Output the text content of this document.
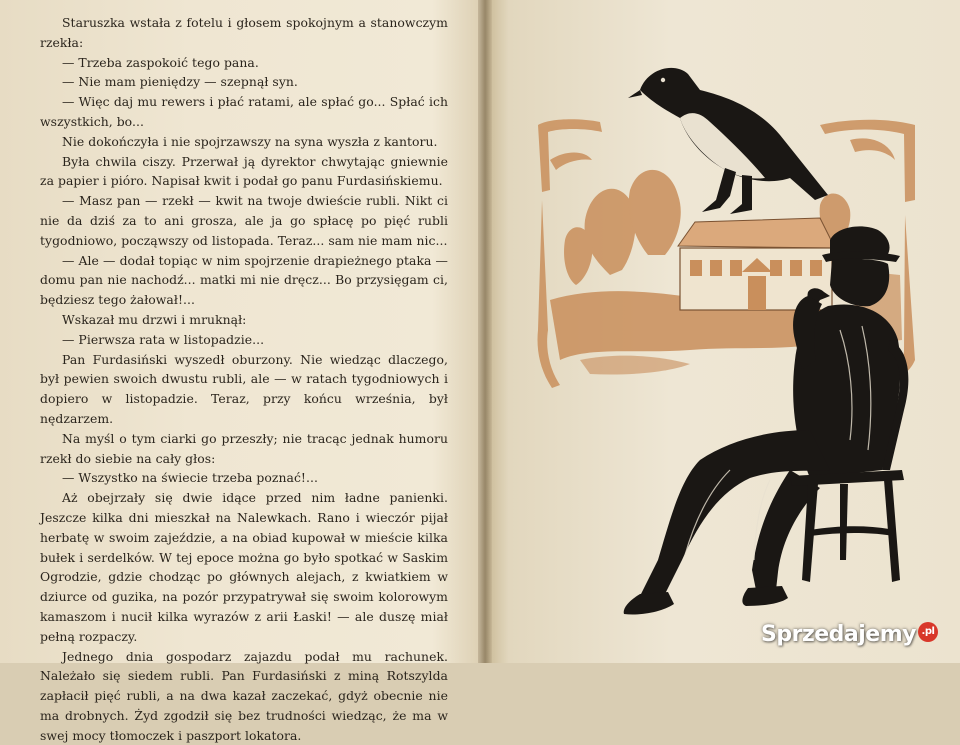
Staruszka wstała z fotelu i głosem spokojnym a stanowczym rzekła:

— Trzeba zaspokoić tego pana.

— Nie mam pieniędzy — szepnął syn.

— Więc daj mu rewers i płać ratami, ale spłać go... Spłać ich wszystkich, bo...

Nie dokończyła i nie spojrzawszy na syna wyszła z kantoru.

Była chwila ciszy. Przerwał ją dyrektor chwytając gniewnie za papier i pióro. Napisał kwit i podał go panu Furdasińskiemu.

— Masz pan — rzekł — kwit na twoje dwieście rubli. Nikt ci nie da dziś za to ani grosza, ale ja go spłacę po pięć rubli tygodniowo, począwszy od listopada. Teraz... sam nie mam nic...

— Ale — dodał topiąc w nim spojrzenie drapieżnego ptaka — domu pan nie nachodź... matki mi nie dręcz... Bo przysięgam ci, będziesz tego żałował!...

Wskazał mu drzwi i mruknął:

— Pierwsza rata w listopadzie...

Pan Furdasiński wyszedł oburzony. Nie wiedząc dlaczego, był pewien swoich dwustu rubli, ale — w ratach tygodniowych i dopiero w listopadzie. Teraz, przy końcu września, był nędzarzem.

Na myśl o tym ciarki go przeszły; nie tracąc jednak humoru rzekł do siebie na cały głos:

— Wszystko na świecie trzeba poznać!...

Aż obejrzały się dwie idące przed nim ładne panienki. Jeszcze kilka dni mieszkał na Nalewkach. Rano i wieczór pijał herbatę w swoim zajeździe, a na obiad kupował w mieście kilka bułek i serdelków. W tej epoce można go było spotkać w Saskim Ogrodzie, gdzie chodząc po głównych alejach, z kwiatkiem w dziurce od guzika, na pozór przypatrywał się swoim kolorowym kamaszom i nucił kilka wyrazów z arii Łaski! — ale duszę miał pełną rozpaczy.

Jednego dnia gospodarz zajazdu podał mu rachunek. Należało się siedem rubli. Pan Furdasiński z miną Rotszylda zapłacił pięć rubli, a na dwa kazał zaczekać, gdyż obecnie nie ma drobnych. Żyd zgodził się bez trudności wiedząc, że ma w swej mocy tłomoczek i paszport lokatora.

Sprzedajemy .pl
